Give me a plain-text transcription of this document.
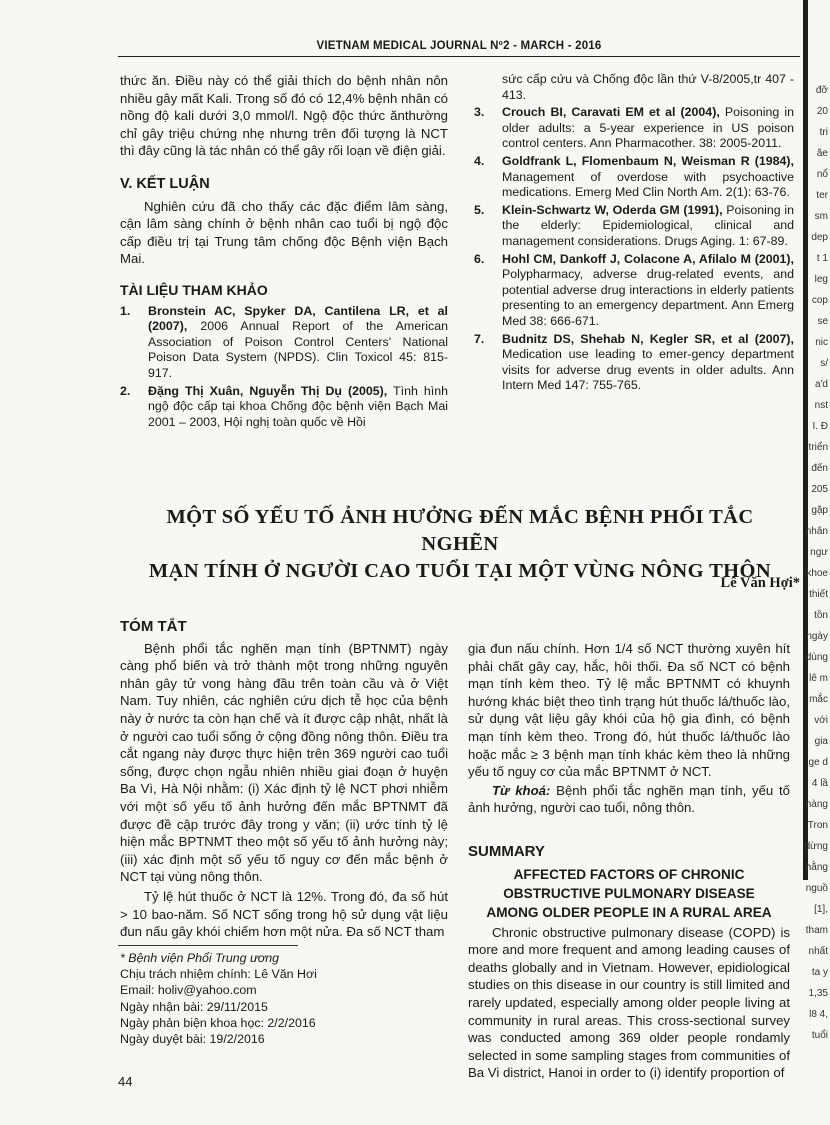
VIETNAM MEDICAL JOURNAL Nº2 - MARCH - 2016

thức ăn. Điều này có thể giải thích do bệnh nhân nôn nhiều gây mất Kali. Trong số đó có 12,4% bệnh nhân có nồng độ kali dưới 3,0 mmol/l. Ngộ độc thức ănthường chỉ gây triệu chứng nhẹ nhưng trên đối tượng là NCT thì đây cũng là tác nhân có thể gây rối loạn về điện giải.

V. KẾT LUẬN

Nghiên cứu đã cho thấy các đặc điểm lâm sàng, cận lâm sàng chính ở bệnh nhân cao tuổi bị ngộ độc cấp điều trị tại Trung tâm chống độc Bệnh viện Bạch Mai.

TÀI LIỆU THAM KHẢO
1.	Bronstein AC, Spyker DA, Cantilena LR, et al (2007), 2006 Annual Report of the American Association of Poison Control Centers' National Poison Data System (NPDS). Clin Toxicol 45: 815-917.
2.	Đặng Thị Xuân, Nguyễn Thị Dụ (2005), Tình hình ngộ độc cấp tại khoa Chống độc bệnh viện Bạch Mai 2001 – 2003, Hội nghị toàn quốc về Hồi
sức cấp cứu và Chống độc lần thứ V-8/2005,tr 407 - 413.
3.	Crouch BI, Caravati EM et al (2004), Poisoning in older adults: a 5-year experience in US poison control centers. Ann Pharmacother. 38: 2005-2011.
4.	Goldfrank L, Flomenbaum N, Weisman R (1984), Management of overdose with psychoactive medications. Emerg Med Clin North Am. 2(1): 63-76.
5.	Klein-Schwartz W, Oderda GM (1991), Poisoning in the elderly: Epidemiological, clinical and management considerations. Drugs Aging. 1: 67-89.
6.	Hohl CM, Dankoff J, Colacone A, Afilalo M (2001), Polypharmacy, adverse drug-related events, and potential adverse drug interactions in elderly patients presenting to an emergency department. Ann Emerg Med 38: 666-671.
7.	Budnitz DS, Shehab N, Kegler SR, et al (2007), Medication use leading to emer-gency department visits for adverse drug events in older adults. Ann Intern Med 147: 755-765.
MỘT SỐ YẾU TỐ ẢNH HƯỞNG ĐẾN MẮC BỆNH PHỔI TẮC NGHẼN
MẠN TÍNH Ở NGƯỜI CAO TUỔI TẠI MỘT VÙNG NÔNG THÔN
Lê Văn Hợi*
TÓM TẮT

Bệnh phổi tắc nghẽn mạn tính (BPTNMT) ngày càng phổ biến và trở thành một trong những nguyên nhân gây tử vong hàng đầu trên toàn cầu và ở Việt Nam. Tuy nhiên, các nghiên cứu dịch tễ học của bệnh này ở nước ta còn hạn chế và ít được cập nhật, nhất là ở người cao tuổi sống ở cộng đồng nông thôn. Điều tra cắt ngang này được thực hiện trên 369 người cao tuổi sống, được chọn ngẫu nhiên nhiều giai đoạn ở huyện Ba Vì, Hà Nội nhằm: (i) Xác định tỷ lệ NCT phơi nhiễm với một số yếu tố ảnh hưởng đến mắc BPTNMT đã được đề cập trước đây trong y văn; (ii) ước tính tỷ lệ hiện mắc BPTNMT theo một số yếu tố ảnh hưởng này; (iii) xác định một số yếu tố nguy cơ đến mắc bệnh ở NCT tại vùng nông thôn.

Tỷ lệ hút thuốc ở NCT là 12%. Trong đó, đa số hút > 10 bao-năm. Số NCT sống trong hộ sử dụng vật liệu đun nấu gây khói chiếm hơn một nửa. Đa số NCT tham

gia đun nấu chính. Hơn 1/4 số NCT thường xuyên hít phải chất gây cay, hắc, hôi thối. Đa số NCT có bệnh mạn tính kèm theo. Tỷ lệ mắc BPTNMT có khuynh hướng khác biệt theo tình trạng hút thuốc lá/thuốc lào, sử dụng vật liệu gây khói của hộ gia đình, có bệnh mạn tính kèm theo. Trong đó, hút thuốc lá/thuốc lào hoặc mắc ≥ 3 bệnh mạn tính khác kèm theo là những yếu tố nguy cơ của mắc BPTNMT ở NCT.

Từ khoá: Bệnh phổi tắc nghẽn mạn tính, yếu tố ảnh hưởng, người cao tuổi, nông thôn.

SUMMARY
AFFECTED FACTORS OF CHRONIC
OBSTRUCTIVE PULMONARY DISEASE
AMONG OLDER PEOPLE IN A RURAL AREA

Chronic obstructive pulmonary disease (COPD) is more and more frequent and among leading causes of deaths globally and in Vietnam. However, epidiological studies on this disease in our country is still limited and rarely updated, especially among older people living at community in rural areas. This cross-sectional survey was conducted among 369 older people rondamly selected in some sampling stages from communities of Ba Vi district, Hanoi in order to (i) identify proportion of

* Bệnh viện Phổi Trung ương
Chịu trách nhiệm chính: Lê Văn Hơi
Email: holiv@yahoo.com
Ngày nhận bài: 29/11/2015
Ngày phản biện khoa học: 2/2/2016
Ngày duyệt bài: 19/2/2016
44
đỡ
20
tri
ăe
nổ
ter
sm
dep
t 1
leg
cop
se
nic
s/
a'd
nst
I. Đ
triển
đến
205
gặp
nhân
ngư
khoe
thiết
tồn
ngày
dùng
lê m
mắc
với
gia
ge d
4 lầ
hàng
Tron
dừng
hằng
nguồ
[1],
tham
nhất
ta y
1,35
l8 4,
tuổi
